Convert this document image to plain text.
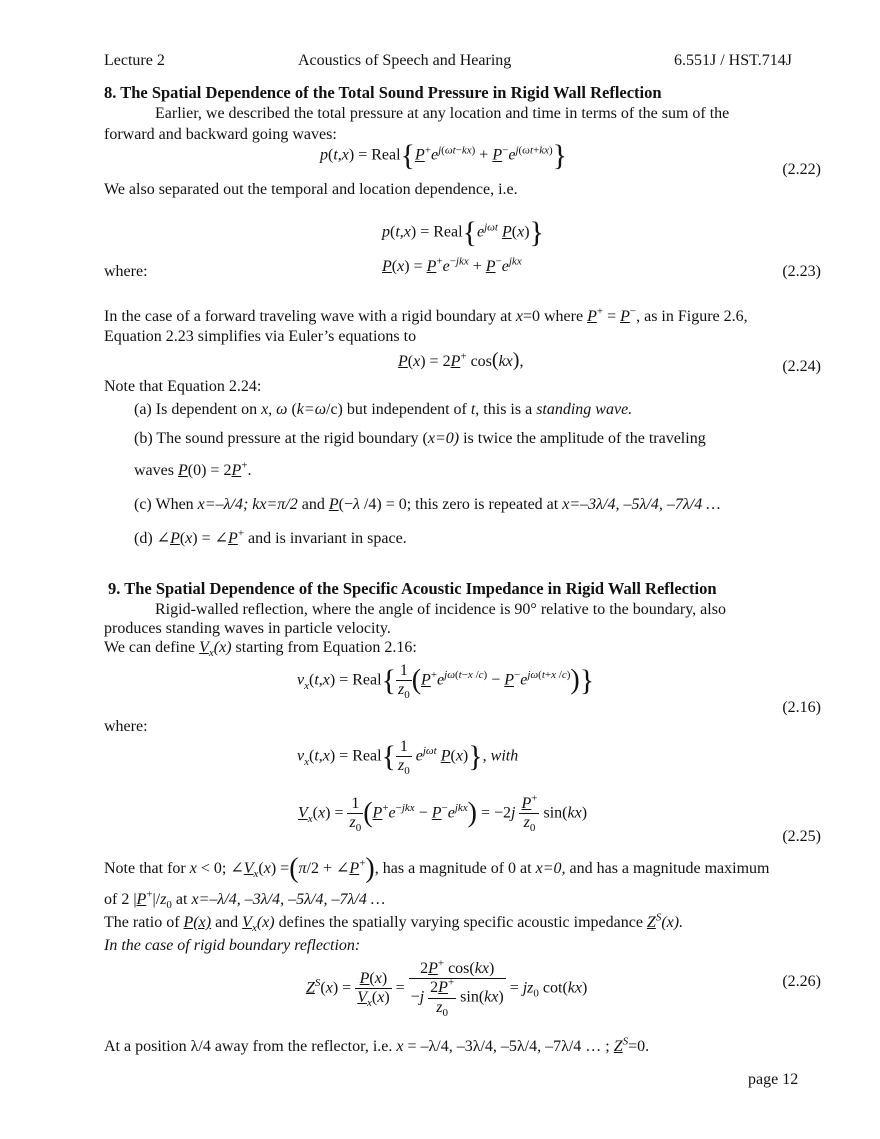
Lecture 2	Acoustics of Speech and Hearing	6.551J / HST.714J
8. The Spatial Dependence of the Total Sound Pressure in Rigid Wall Reflection
Earlier, we described the total pressure at any location and time in terms of the sum of the
forward and backward going waves:
$p(t,x) = Real\{P^+e^{j(\omega t-kx)} + P^-e^{j(\omega t+kx)}\}$	(2.22)
We also separated out the temporal and location dependence, i.e.
$p(t,x) = Real\{e^{j\omega t}$ P(x)}
where:	$P(x) = P^+e^{-jkx} + P^-e^{jkx}$
(2.23)
In the case of a forward traveling wave with a rigid boundary at x=0 where P+ = P−, as in Figure 2.6,
Equation 2.23 simplifies via Euler’s equations to
P(x) = 2P+ cos(kx),	(2.24)
Note that Equation 2.24:
(a) Is dependent on x, ω (k=ω/c) but independent of t, this is a standing wave.
(b) The sound pressure at the rigid boundary (x=0) is twice the amplitude of the traveling
waves P(0) = 2P+.
(c) When x=–λ/4; kx=π/2 and P(−λ /4) = 0; this zero is repeated at x=–3λ/4, –5λ/4, –7λ/4 …
(d) ∠P(x) = ∠P+ and is invariant in space.
9. The Spatial Dependence of the Specific Acoustic Impedance in Rigid Wall Reflection
Rigid-walled reflection, where the angle of incidence is 90° relative to the boundary, also
produces standing waves in particle velocity.
We can define $V_x(x)$ starting from Equation 2.16:
$v_x(t,x)$ = Real{ $\frac{1}{z_0} (P^+e^{j\omega(t-x /c)} - P^-e^{j\omega(t+x /c)})$}
(2.16)
where:
$v_x(t,x)$ = Real{ $\frac{1}{z_0} e^{j\omega t}$ P(x)}, with
$V_x(x) = \frac{1}{z_0} (P^+e^{-jkx} - P^-e^{jkx}) = -2j \frac{P^+}{z_0} \sin(kx)$
(2.25)
Note that for x < 0; $\angle V_x(x) =(\pi/2$ + ∠P+), has a magnitude of 0 at x=0, and has a magnitude maximum
of 2 $|P^+|/z_0$ at x=–λ/4, –3λ/4, –5λ/4, –7λ/4 …
The ratio of P(x) and $V_x(x)$ defines the spatially varying specific acoustic impedance $Z^S(x)$.
In the case of rigid boundary reflection:
$Z^S(x) = \frac{P(x)}{V_x(x)} = \frac{2P^+ \cos(kx)}{-j \frac{2P^+}{z_0} \sin(kx)} = jz_0$ cot(kx)	(2.26)
At a position λ/4 away from the reflector, i.e. x = –λ/4, –3λ/4, –5λ/4, –7λ/4 … ; $Z^S=0$.
page 12
